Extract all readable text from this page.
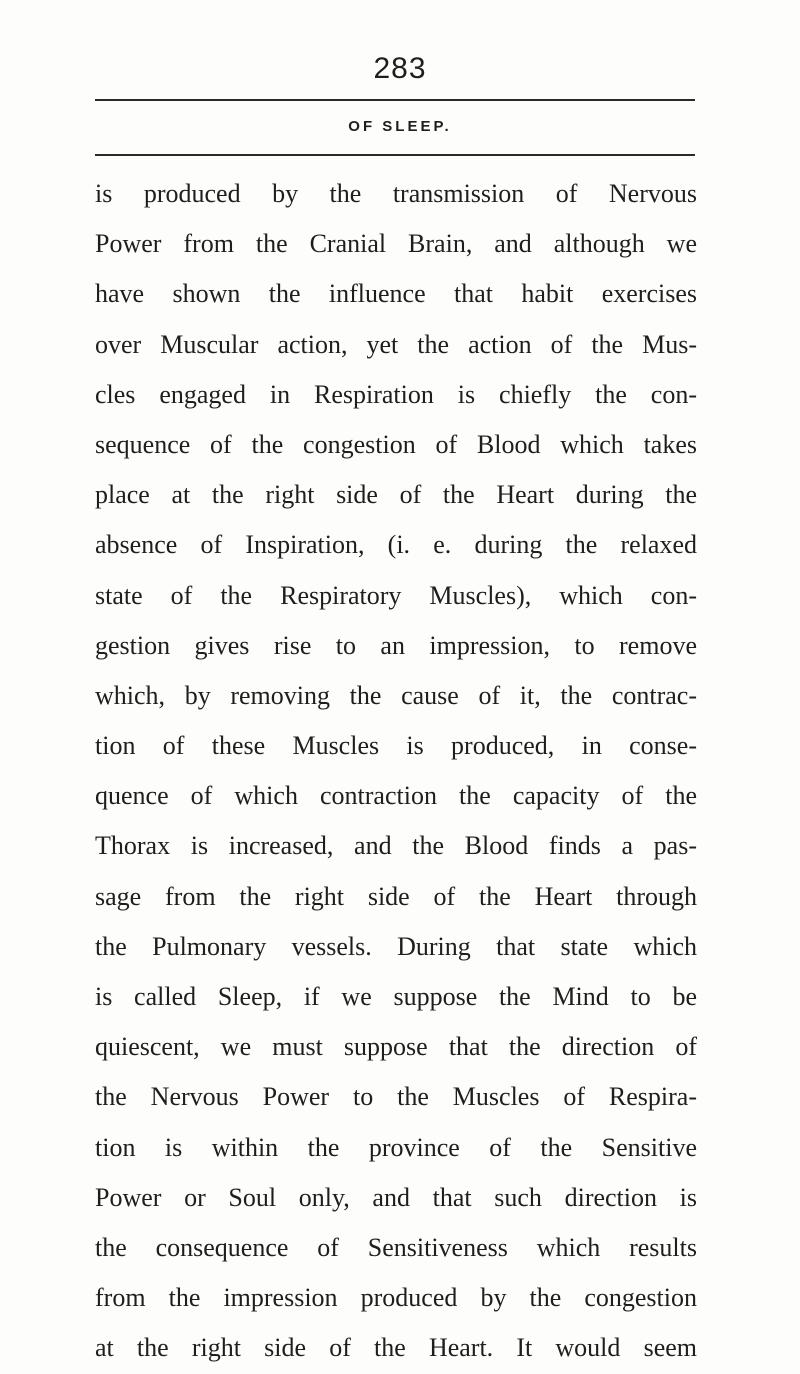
283
OF SLEEP.
is produced by the transmission of Nervous
Power from the Cranial Brain, and although we
have shown the influence that habit exercises
over Muscular action, yet the action of the Mus-
cles engaged in Respiration is chiefly the con-
sequence of the congestion of Blood which takes
place at the right side of the Heart during the
absence of Inspiration, (i. e. during the relaxed
state of the Respiratory Muscles), which con-
gestion gives rise to an impression, to remove
which, by removing the cause of it, the contrac-
tion of these Muscles is produced, in conse-
quence of which contraction the capacity of the
Thorax is increased, and the Blood finds a pas-
sage from the right side of the Heart through
the Pulmonary vessels. During that state which
is called Sleep, if we suppose the Mind to be
quiescent, we must suppose that the direction of
the Nervous Power to the Muscles of Respira-
tion is within the province of the Sensitive
Power or Soul only, and that such direction is
the consequence of Sensitiveness which results
from the impression produced by the congestion
at the right side of the Heart. It would seem
